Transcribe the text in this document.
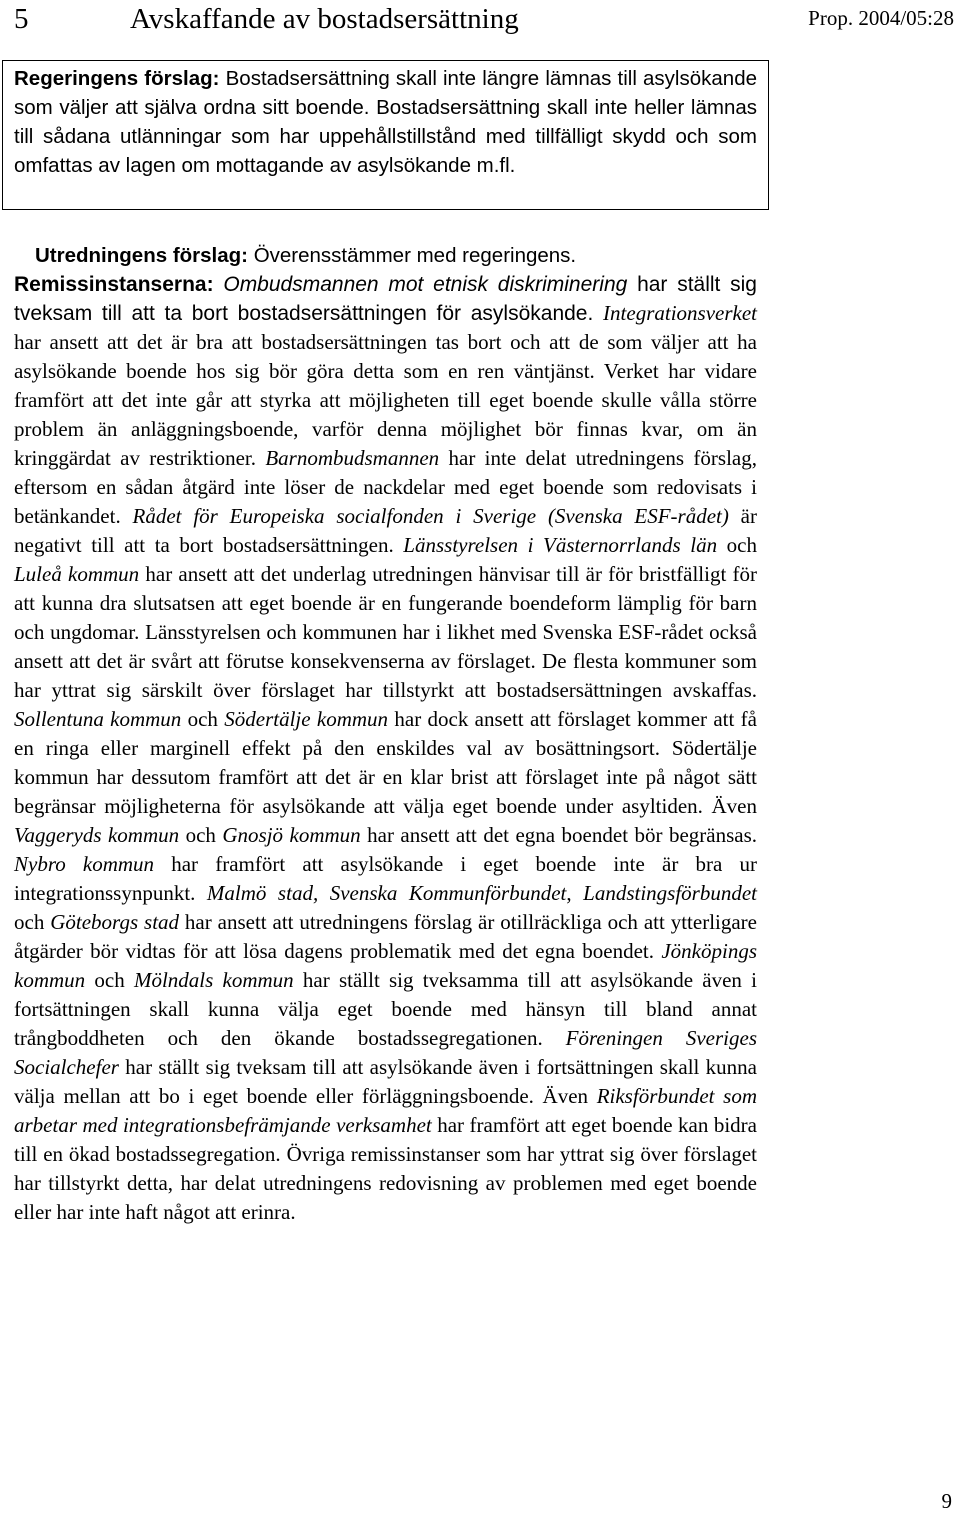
5	Avskaffande av bostadsersättning	Prop. 2004/05:28
Regeringens förslag: Bostadsersättning skall inte längre lämnas till asylsökande som väljer att själva ordna sitt boende. Bostadsersättning skall inte heller lämnas till sådana utlänningar som har uppehållstillstånd med tillfälligt skydd och som omfattas av lagen om mottagande av asylsökande m.fl.
Utredningens förslag: Överensstämmer med regeringens.
Remissinstanserna: Ombudsmannen mot etnisk diskriminering har ställt sig tveksam till att ta bort bostadsersättningen för asylsökande. Integrationsverket har ansett att det är bra att bostadsersättningen tas bort och att de som väljer att ha asylsökande boende hos sig bör göra detta som en ren väntjänst. Verket har vidare framfört att det inte går att styrka att möjligheten till eget boende skulle vålla större problem än anläggningsboende, varför denna möjlighet bör finnas kvar, om än kringgärdat av restriktioner. Barnombudsmannen har inte delat utredningens förslag, eftersom en sådan åtgärd inte löser de nackdelar med eget boende som redovisats i betänkandet. Rådet för Europeiska socialfonden i Sverige (Svenska ESF-rådet) är negativt till att ta bort bostadsersättningen. Länsstyrelsen i Västernorrlands län och Luleå kommun har ansett att det underlag utredningen hänvisar till är för bristfälligt för att kunna dra slutsatsen att eget boende är en fungerande boendeform lämplig för barn och ungdomar. Länsstyrelsen och kommunen har i likhet med Svenska ESF-rådet också ansett att det är svårt att förutse konsekvenserna av förslaget. De flesta kommuner som har yttrat sig särskilt över förslaget har tillstyrkt att bostadsersättningen avskaffas. Sollentuna kommun och Södertälje kommun har dock ansett att förslaget kommer att få en ringa eller marginell effekt på den enskildes val av bosättningsort. Södertälje kommun har dessutom framfört att det är en klar brist att förslaget inte på något sätt begränsar möjligheterna för asylsökande att välja eget boende under asyltiden. Även Vaggeryds kommun och Gnosjö kommun har ansett att det egna boendet bör begränsas. Nybro kommun har framfört att asylsökande i eget boende inte är bra ur integrationssynpunkt. Malmö stad, Svenska Kommunförbundet, Landstingsförbundet och Göteborgs stad har ansett att utredningens förslag är otillräckliga och att ytterligare åtgärder bör vidtas för att lösa dagens problematik med det egna boendet. Jönköpings kommun och Mölndals kommun har ställt sig tveksamma till att asylsökande även i fortsättningen skall kunna välja eget boende med hänsyn till bland annat trångboddheten och den ökande bostadssegregationen. Föreningen Sveriges Socialchefer har ställt sig tveksam till att asylsökande även i fortsättningen skall kunna välja mellan att bo i eget boende eller förläggningsboende. Även Riksförbundet som arbetar med integrationsbefrämjande verksamhet har framfört att eget boende kan bidra till en ökad bostadssegregation. Övriga remissinstanser som har yttrat sig över förslaget har tillstyrkt detta, har delat utredningens redovisning av problemen med eget boende eller har inte haft något att erinra.
9
